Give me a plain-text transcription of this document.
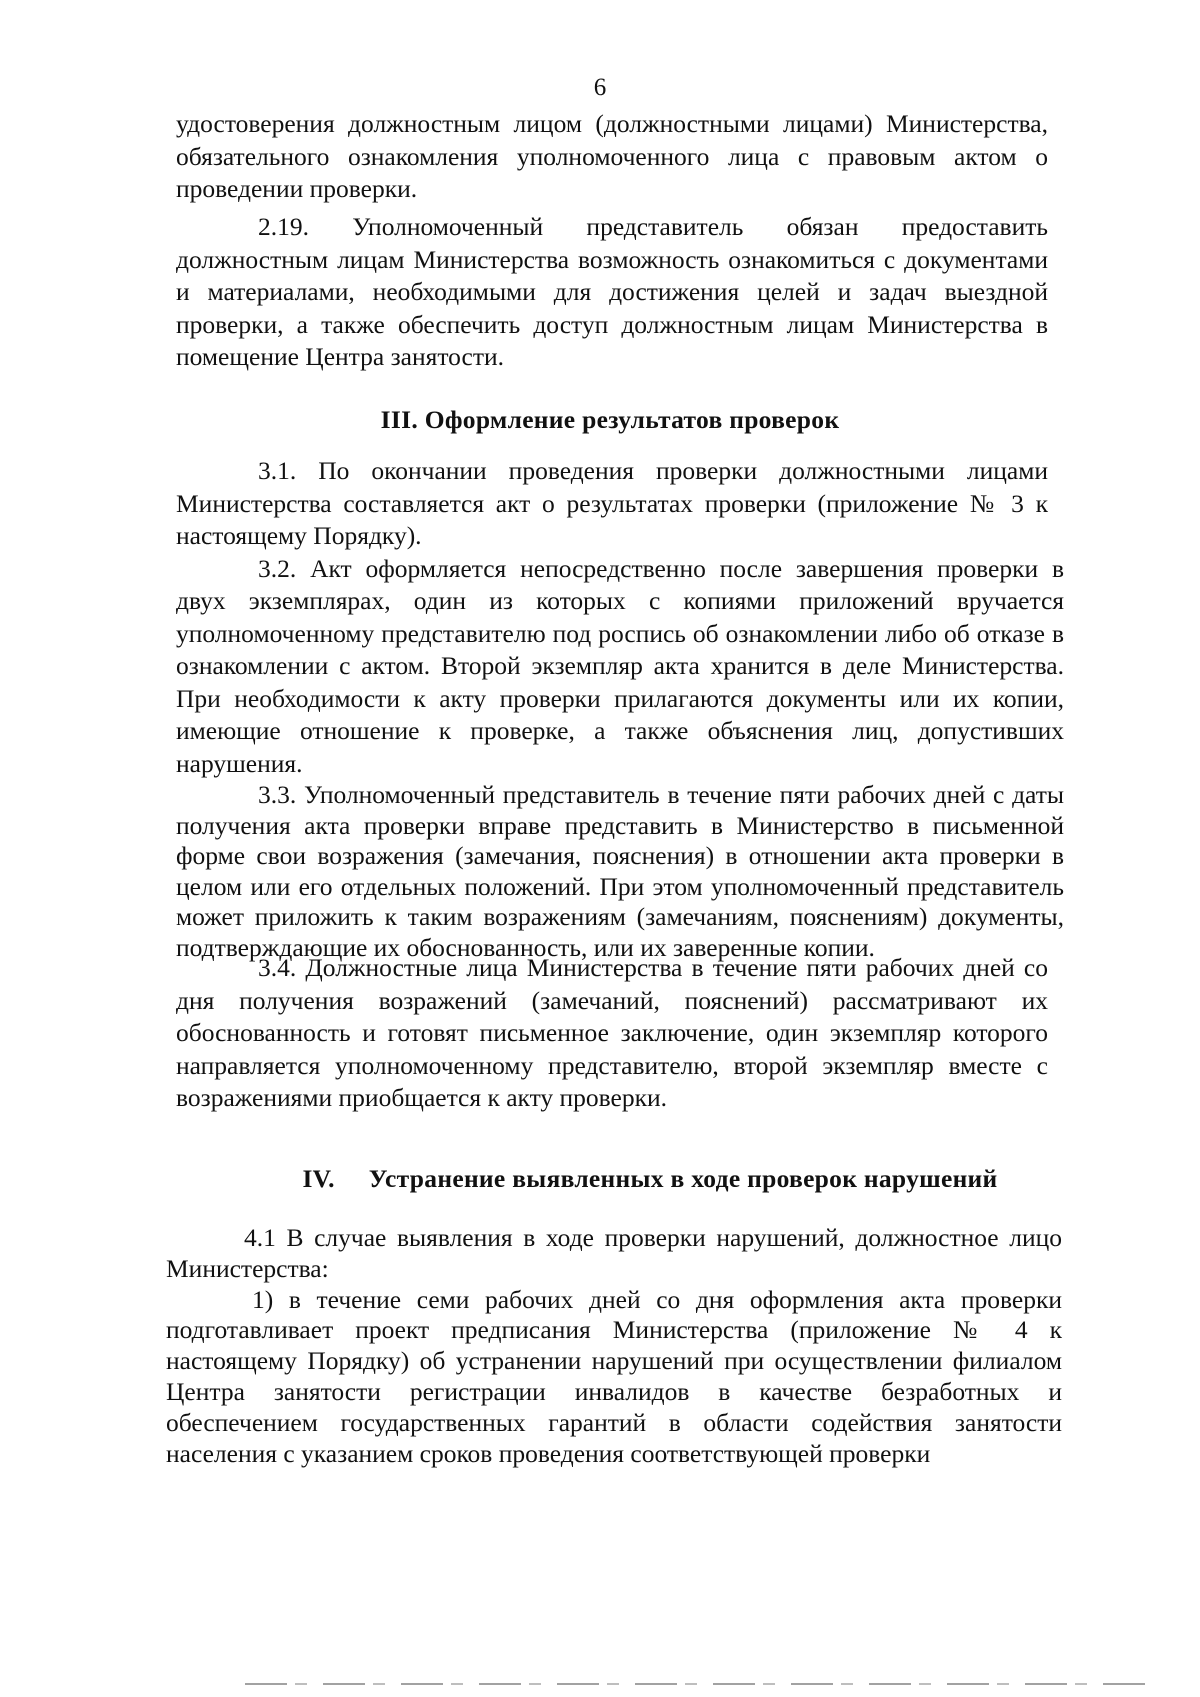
6

удостоверения должностным лицом (должностными лицами) Министерства, обязательного ознакомления уполномоченного лица с правовым актом о проведении проверки.

2.19. Уполномоченный представитель обязан предоставить должностным лицам Министерства возможность ознакомиться с документами и материалами, необходимыми для достижения целей и задач выездной проверки, а также обеспечить доступ должностным лицам Министерства в помещение Центра занятости.

III. Оформление результатов проверок

3.1. По окончании проведения проверки должностными лицами Министерства составляется акт о результатах проверки (приложение № 3 к настоящему Порядку).

3.2. Акт оформляется непосредственно после завершения проверки в двух экземплярах, один из которых с копиями приложений вручается уполномоченному представителю под роспись об ознакомлении либо об отказе в ознакомлении с актом. Второй экземпляр акта хранится в деле Министерства. При необходимости к акту проверки прилагаются документы или их копии, имеющие отношение к проверке, а также объяснения лиц, допустивших нарушения.

3.3. Уполномоченный представитель в течение пяти рабочих дней с даты получения акта проверки вправе представить в Министерство в письменной форме свои возражения (замечания, пояснения) в отношении акта проверки в целом или его отдельных положений. При этом уполномоченный представитель может приложить к таким возражениям (замечаниям, пояснениям) документы, подтверждающие их обоснованность, или их заверенные копии.

3.4. Должностные лица Министерства в течение пяти рабочих дней со дня получения возражений (замечаний, пояснений) рассматривают их обоснованность и готовят письменное заключение, один экземпляр которого направляется уполномоченному представителю, второй экземпляр вместе с возражениями приобщается к акту проверки.

IV. Устранение выявленных в ходе проверок нарушений

4.1 В случае выявления в ходе проверки нарушений, должностное лицо Министерства:

1) в течение семи рабочих дней со дня оформления акта проверки подготавливает проект предписания Министерства (приложение № 4 к настоящему Порядку) об устранении нарушений при осуществлении филиалом Центра занятости регистрации инвалидов в качестве безработных и обеспечением государственных гарантий в области содействия занятости населения с указанием сроков проведения соответствующей проверки
